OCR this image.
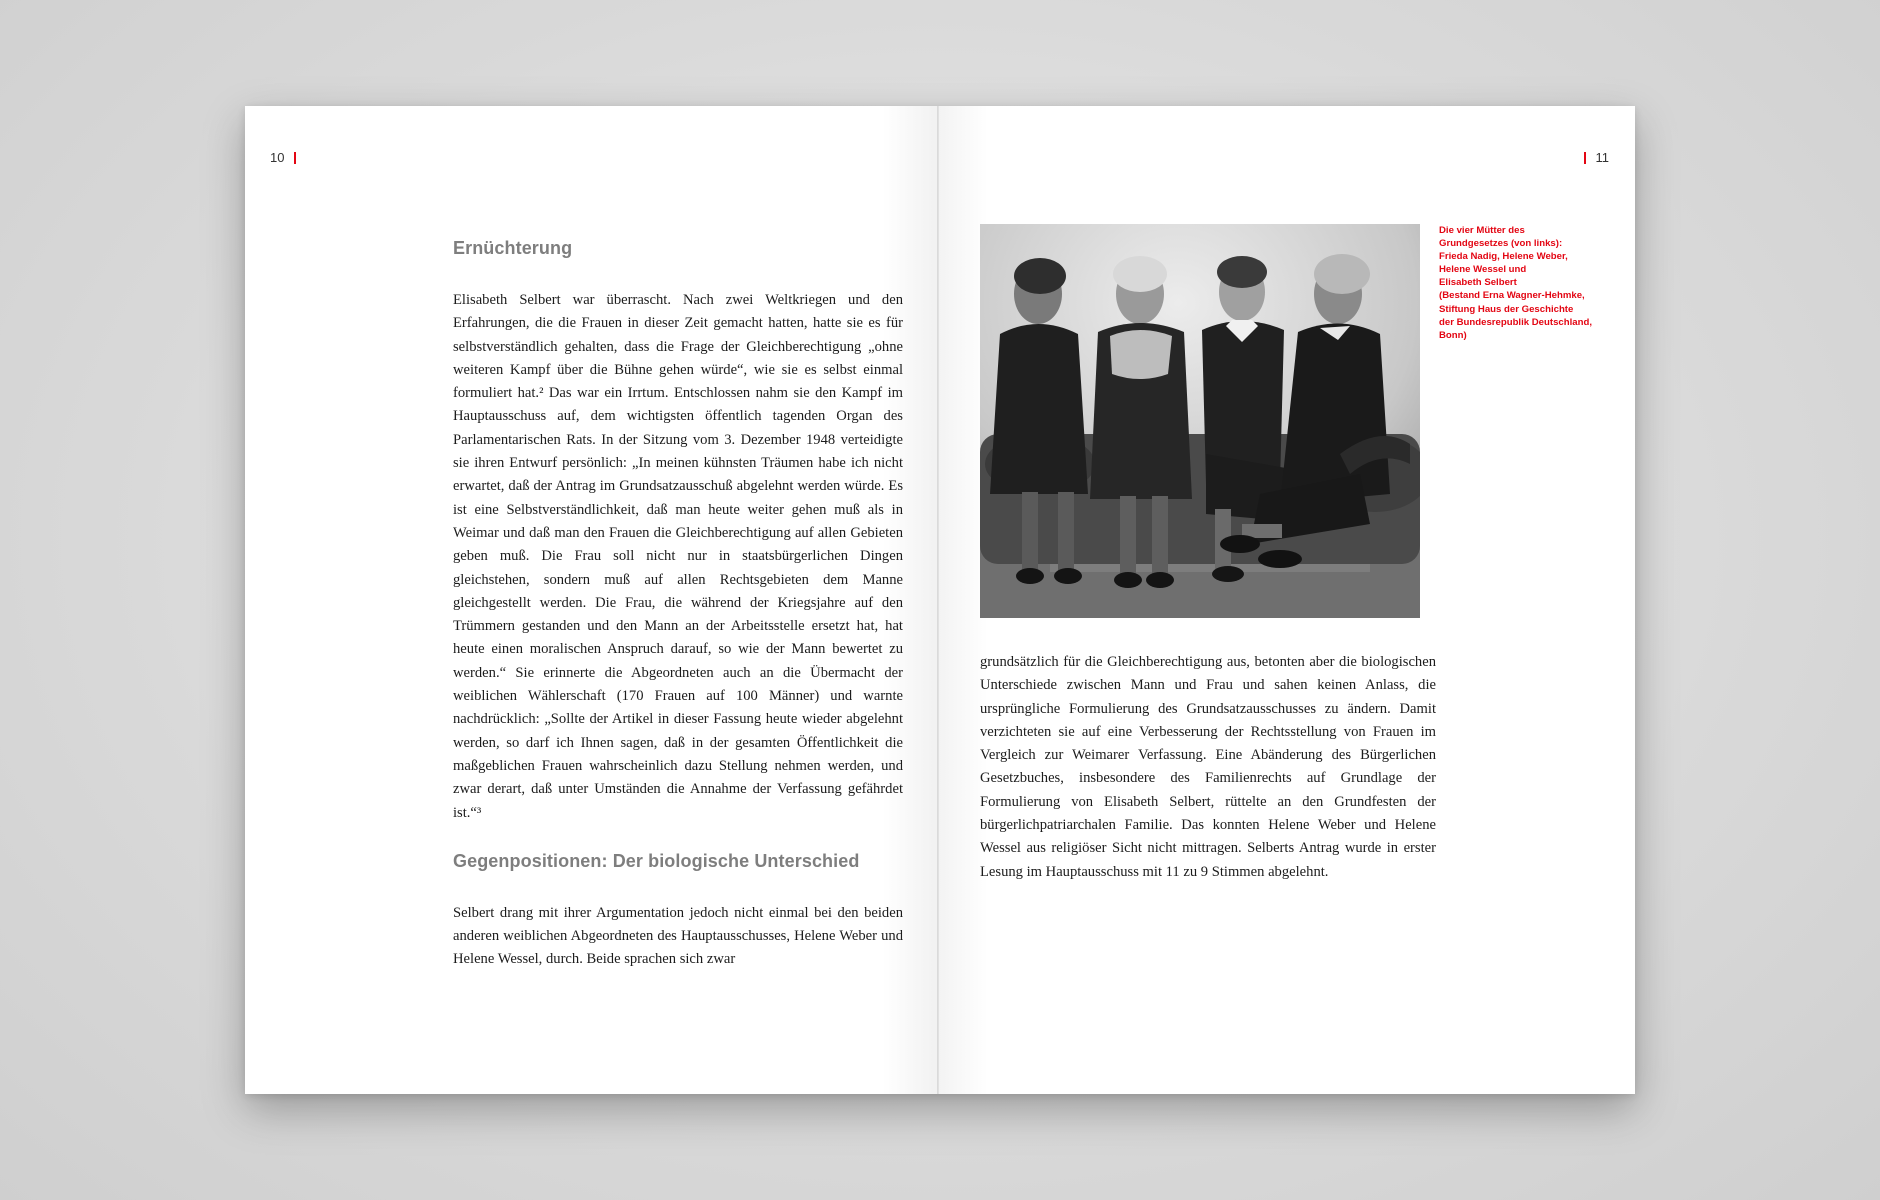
10
Ernüchterung

Elisabeth Selbert war überrascht. Nach zwei Weltkriegen und den Erfahrungen, die die Frauen in dieser Zeit gemacht hatten, hatte sie es für selbstverständlich gehalten, dass die Frage der Gleichberechtigung „ohne weiteren Kampf über die Bühne gehen würde“, wie sie es selbst einmal formuliert hat.² Das war ein Irrtum. Entschlossen nahm sie den Kampf im Hauptausschuss auf, dem wichtigsten öffentlich tagenden Organ des Parlamentarischen Rats. In der Sitzung vom 3. Dezember 1948 verteidigte sie ihren Entwurf persönlich: „In meinen kühnsten Träumen habe ich nicht erwartet, daß der Antrag im Grundsatzausschuß abgelehnt werden würde. Es ist eine Selbstverständlichkeit, daß man heute weiter gehen muß als in Weimar und daß man den Frauen die Gleichberechtigung auf allen Gebieten geben muß. Die Frau soll nicht nur in staatsbürgerlichen Dingen gleichstehen, sondern muß auf allen Rechtsgebieten dem Manne gleichgestellt werden. Die Frau, die während der Kriegsjahre auf den Trümmern gestanden und den Mann an der Arbeitsstelle ersetzt hat, hat heute einen moralischen Anspruch darauf, so wie der Mann bewertet zu werden.“ Sie erinnerte die Abgeordneten auch an die Übermacht der weiblichen Wählerschaft (170 Frauen auf 100 Männer) und warnte nachdrücklich: „Sollte der Artikel in dieser Fassung heute wieder abgelehnt werden, so darf ich Ihnen sagen, daß in der gesamten Öffentlichkeit die maßgeblichen Frauen wahrscheinlich dazu Stellung nehmen werden, und zwar derart, daß unter Umständen die Annahme der Verfassung gefährdet ist.“³

Gegenpositionen: Der biologische Unterschied

Selbert drang mit ihrer Argumentation jedoch nicht einmal bei den beiden anderen weiblichen Abgeordneten des Hauptausschusses, Helene Weber und Helene Wessel, durch. Beide sprachen sich zwar

11
Die vier Mütter des
Grundgesetzes (von links):
Frieda Nadig, Helene Weber,
Helene Wessel und
Elisabeth Selbert
(Bestand Erna Wagner-Hehmke,
Stiftung Haus der Geschichte
der Bundesrepublik Deutschland,
Bonn)

grundsätzlich für die Gleichberechtigung aus, betonten aber die biologischen Unterschiede zwischen Mann und Frau und sahen keinen Anlass, die ursprüngliche Formulierung des Grundsatzausschusses zu ändern. Damit verzichteten sie auf eine Verbesserung der Rechtsstellung von Frauen im Vergleich zur Weimarer Verfassung. Eine Abänderung des Bürgerlichen Gesetzbuches, insbesondere des Familienrechts auf Grundlage der Formulierung von Elisabeth Selbert, rüttelte an den Grundfesten der bürgerlichpatriarchalen Familie. Das konnten Helene Weber und Helene Wessel aus religiöser Sicht nicht mittragen. Selberts Antrag wurde in erster Lesung im Hauptausschuss mit 11 zu 9 Stimmen abgelehnt.
